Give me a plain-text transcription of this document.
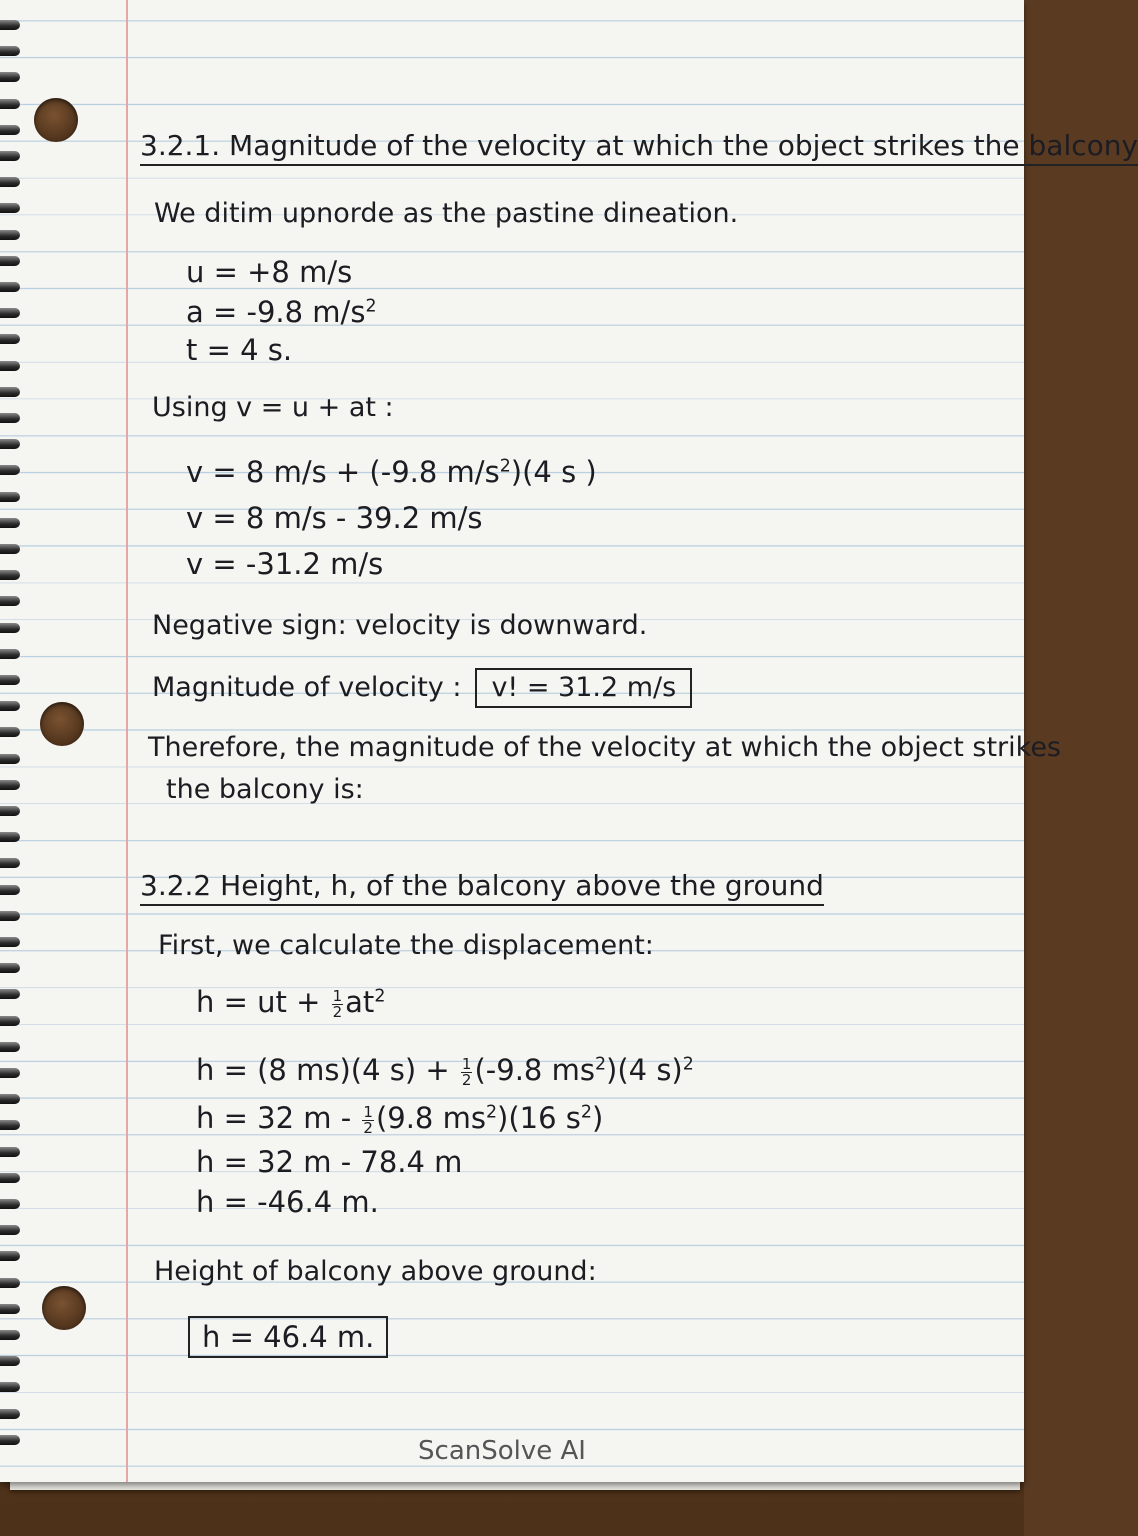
3.2.1. Magnitude of the velocity at which the object strikes the balcony
We ditim upnorde as the pastine dineation.
u = +8 m/s
a = -9.8 $m/s^2$
t = 4 s.
Using v = u + at :
v = 8 m/s + (-9.8 $m/s^2)(4$ s )
v = 8 m/s - 39.2 m/s
v = -31.2 m/s
Negative sign: velocity is downward.
Magnitude of velocity : v! = 31.2 m/s
Therefore, the magnitude of the velocity at which the object strikes
the balcony is:
3.2.2 Height, h, of the balcony above the ground
First, we calculate the displacement:
h = ut + $\frac{1}{2} at^2$
h = (8 ms)(4 $s) + \frac{1}{2} (-9.8$ $ms^2)(4$ s)$^2$
h = 32 m - $\frac{1}{2} (9.8$ $ms^2)(16$ $s^2$)
h = 32 m - 78.4 m
h = -46.4 m.
Height of balcony above ground:
h = 46.4 m.
ScanSolve AI
